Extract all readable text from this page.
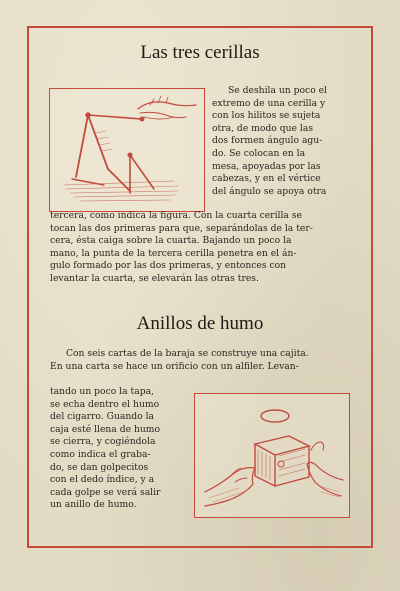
Las tres cerillas
Se deshila un poco el
extremo de una cerilla y
con los hilitos se sujeta
otra, de modo que las
dos formen ángulo agu-
do. Se colocan en la
mesa, apoyadas por las
cabezas, y en el vértice
del ángulo se apoya otra
tercera, como indica la figura. Con la cuarta cerilla se
tocan las dos primeras para que, separándolas de la ter-
cera, ésta caiga sobre la cuarta. Bajando un poco la
mano, la punta de la tercera cerilla penetra en el án-
gulo formado por las dos primeras, y entonces con
levantar la cuarta, se elevarán las otras tres.
Anillos de humo
Con seis cartas de la baraja se construye una cajita.
En una carta se hace un orificio con un alfiler. Levan-
tando un poco la tapa,
se echa dentro el humo
del cigarro. Guando la
caja esté llena de humo
se cierra, y cogiéndola
como indica el graba-
do, se dan golpecitos
con el dedo índice, y a
cada golpe se verá salir
un anillo de humo.
